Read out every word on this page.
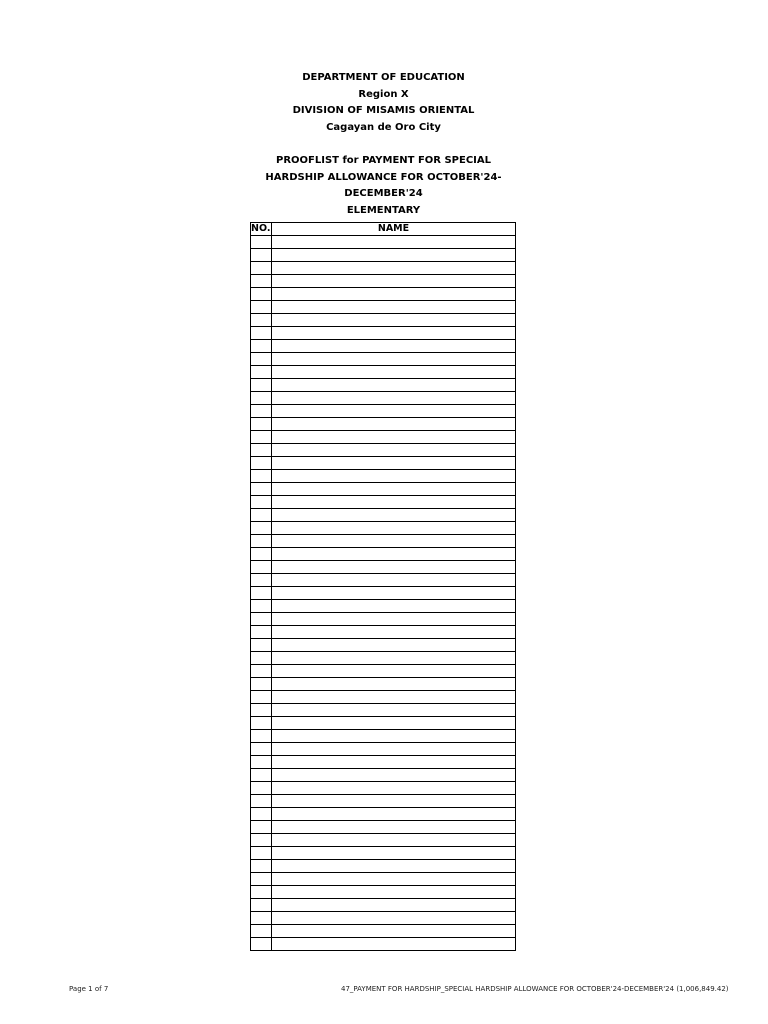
DEPARTMENT OF EDUCATION
Region X
DIVISION OF MISAMIS ORIENTAL
Cagayan de Oro City
PROOFLIST for PAYMENT FOR SPECIAL HARDSHIP ALLOWANCE FOR OCTOBER'24-DECEMBER'24
ELEMENTARY
NO.	NAME

Page 1 of 7	47_PAYMENT FOR HARDSHIP_SPECIAL HARDSHIP ALLOWANCE FOR OCTOBER'24-DECEMBER'24 (1,006,849.42)
